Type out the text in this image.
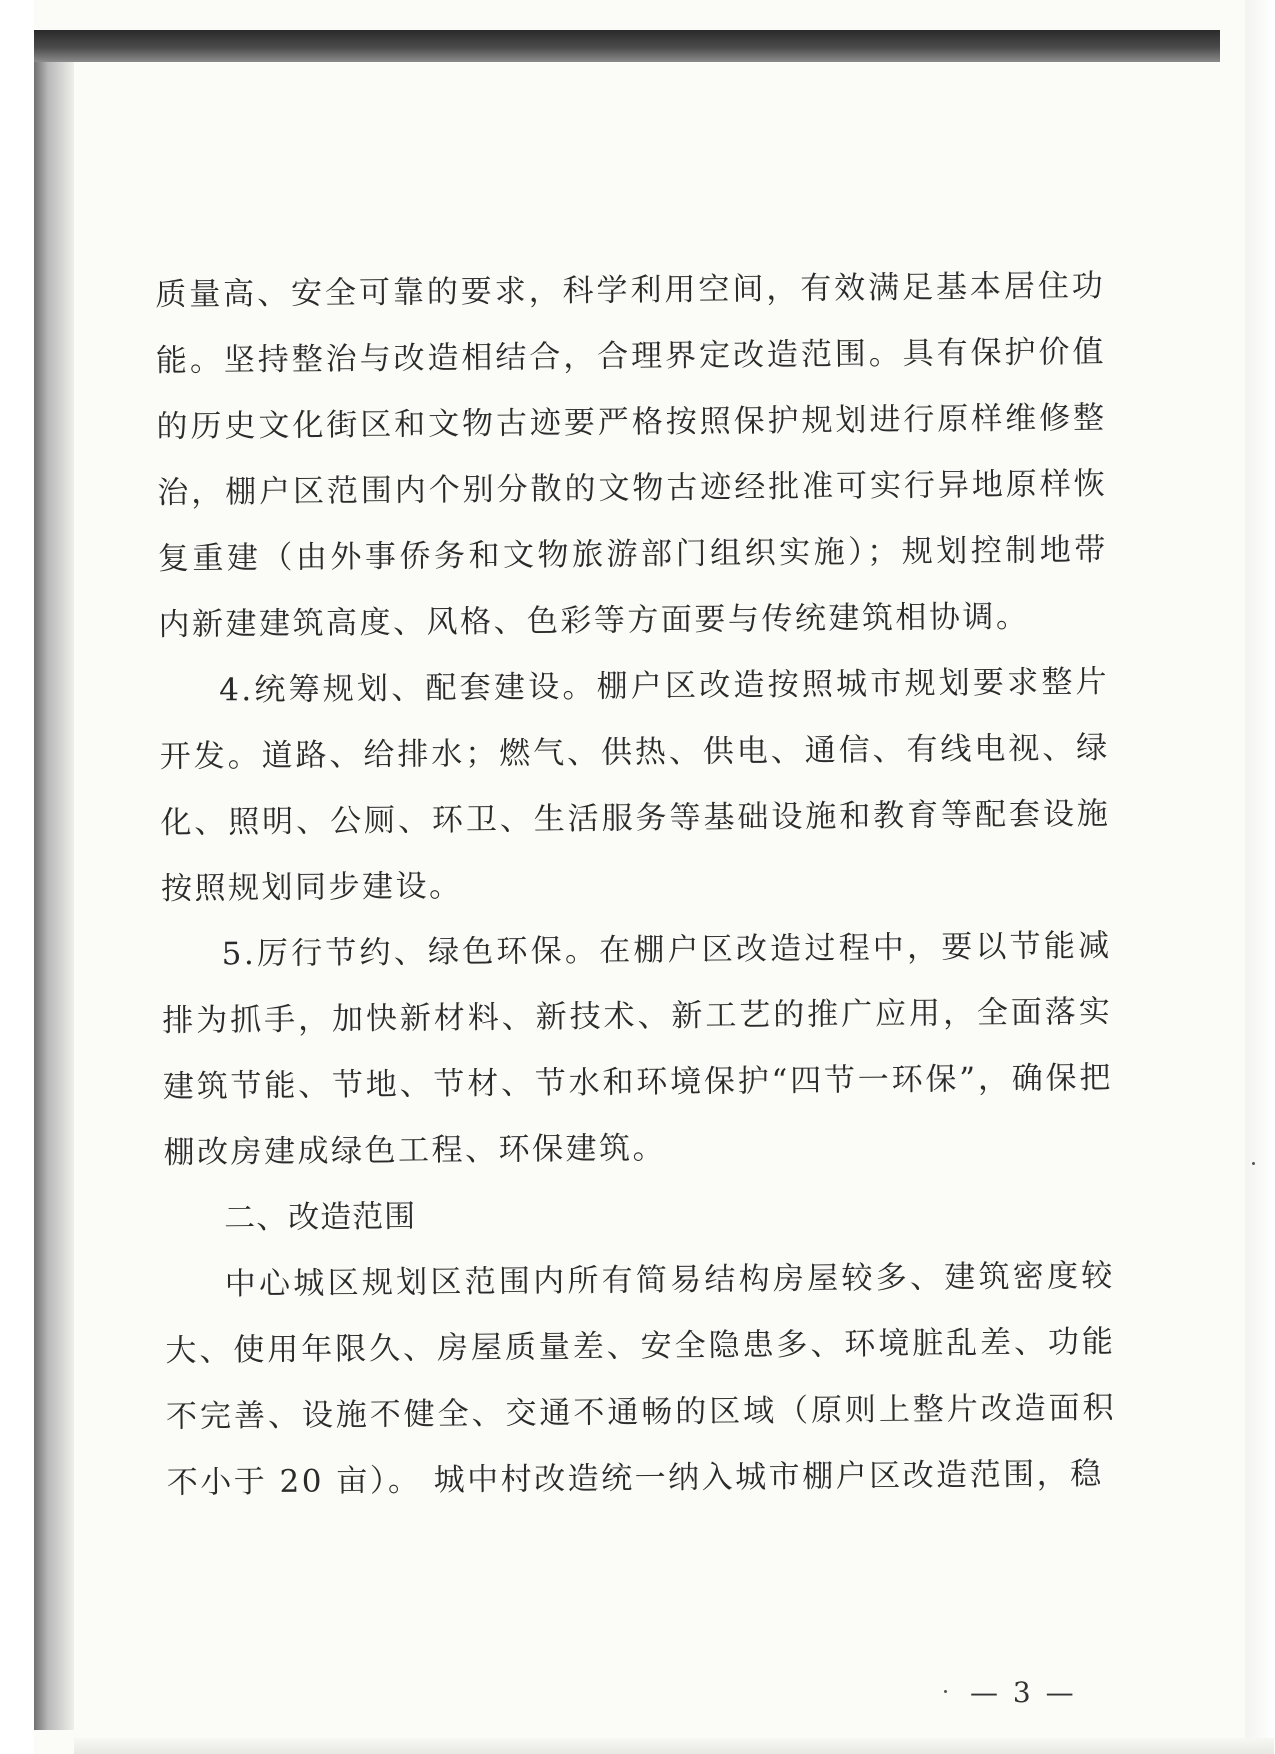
质量高、安全可靠的要求，科学利用空间，有效满足基本居住功能。坚持整治与改造相结合，合理界定改造范围。具有保护价值的历史文化街区和文物古迹要严格按照保护规划进行原样维修整治，棚户区范围内个别分散的文物古迹经批准可实行异地原样恢复重建（由外事侨务和文物旅游部门组织实施）；规划控制地带内新建建筑高度、风格、色彩等方面要与传统建筑相协调。

4.统筹规划、配套建设。棚户区改造按照城市规划要求整片开发。道路、给排水；燃气、供热、供电、通信、有线电视、绿化、照明、公厕、环卫、生活服务等基础设施和教育等配套设施按照规划同步建设。

5.厉行节约、绿色环保。在棚户区改造过程中，要以节能减排为抓手，加快新材料、新技术、新工艺的推广应用，全面落实建筑节能、节地、节材、节水和环境保护“四节一环保”，确保把棚改房建成绿色工程、环保建筑。

二、改造范围

中心城区规划区范围内所有简易结构房屋较多、建筑密度较大、使用年限久、房屋质量差、安全隐患多、环境脏乱差、功能不完善、设施不健全、交通不通畅的区域（原则上整片改造面积不小于 20 亩）。 城中村改造统一纳入城市棚户区改造范围，稳

— 3 —
